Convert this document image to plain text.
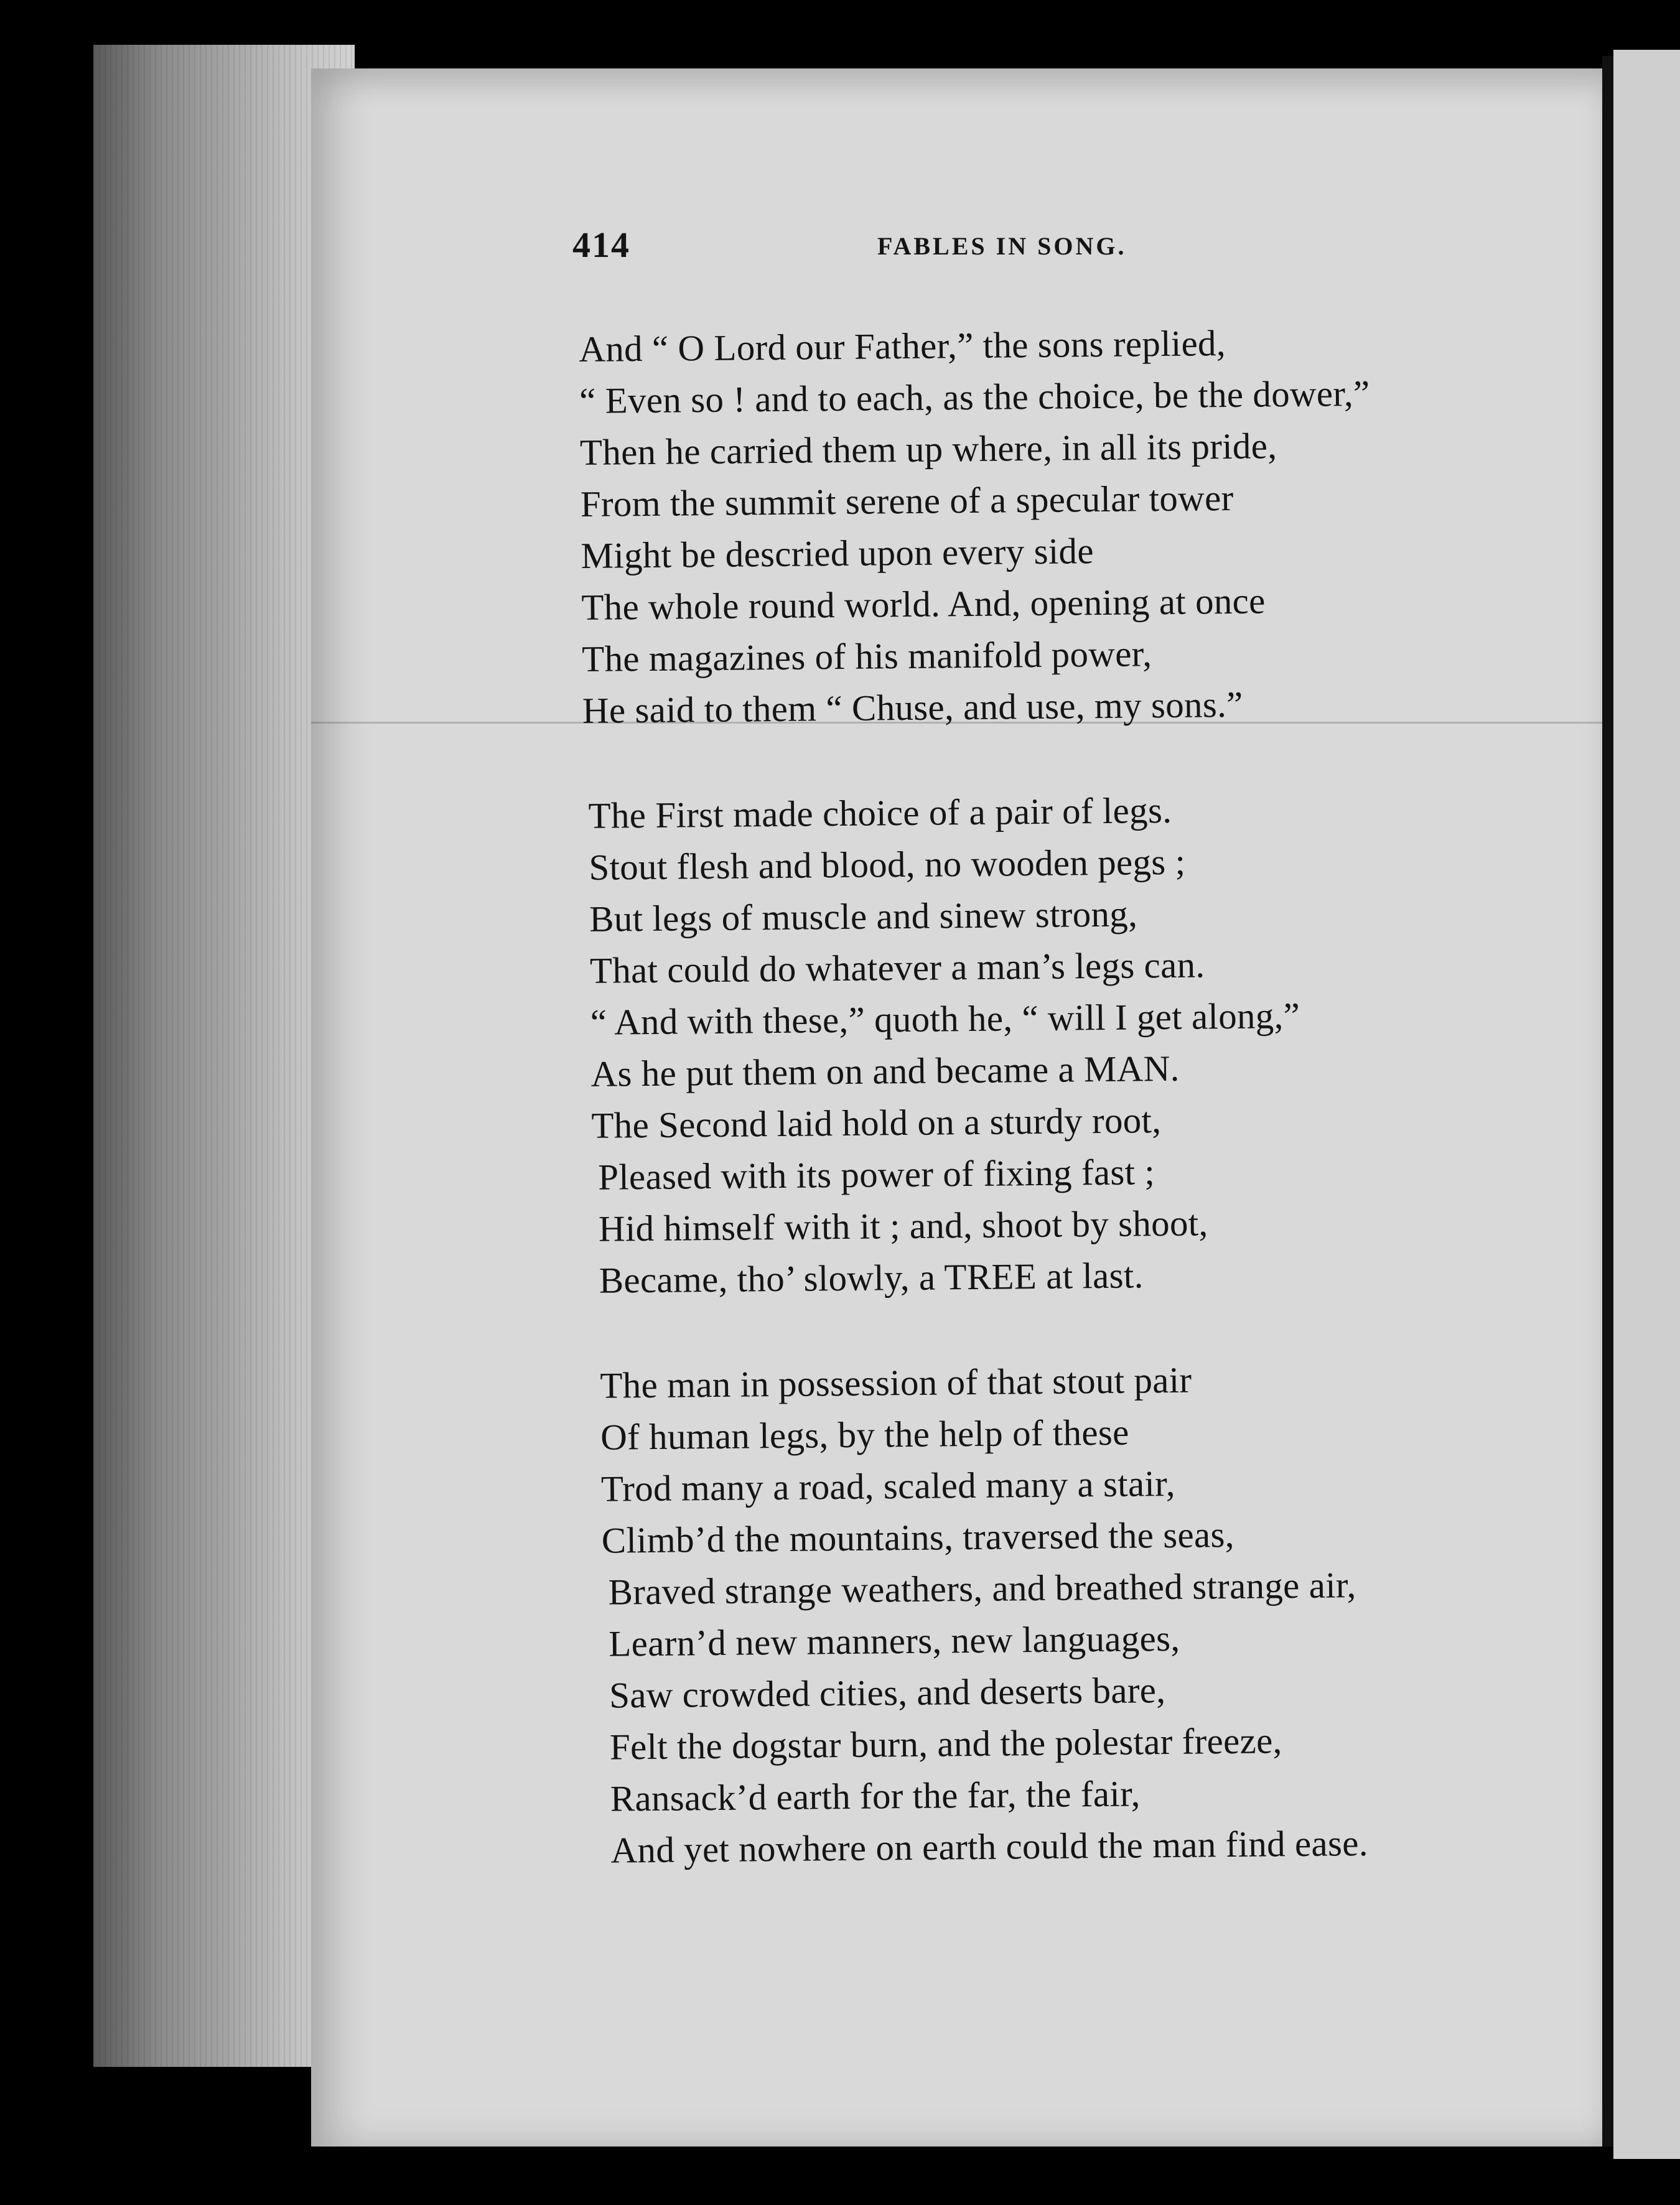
414	FABLES IN SONG.
And “ O Lord our Father,” the sons replied,
“ Even so ! and to each, as the choice, be the dower,”
Then he carried them up where, in all its pride,
From the summit serene of a specular tower
Might be descried upon every side
The whole round world. And, opening at once
The magazines of his manifold power,
He said to them “ Chuse, and use, my sons.”
The First made choice of a pair of legs.
Stout flesh and blood, no wooden pegs ;
But legs of muscle and sinew strong,
That could do whatever a man’s legs can.
“ And with these,” quoth he, “ will I get along,”
As he put them on and became a MAN.
The Second laid hold on a sturdy root,
Pleased with its power of fixing fast ;
Hid himself with it ; and, shoot by shoot,
Became, tho’ slowly, a TREE at last.
The man in possession of that stout pair
Of human legs, by the help of these
Trod many a road, scaled many a stair,
Climb’d the mountains, traversed the seas,
Braved strange weathers, and breathed strange air,
Learn’d new manners, new languages,
Saw crowded cities, and deserts bare,
Felt the dogstar burn, and the polestar freeze,
Ransack’d earth for the far, the fair,
And yet nowhere on earth could the man find ease.
